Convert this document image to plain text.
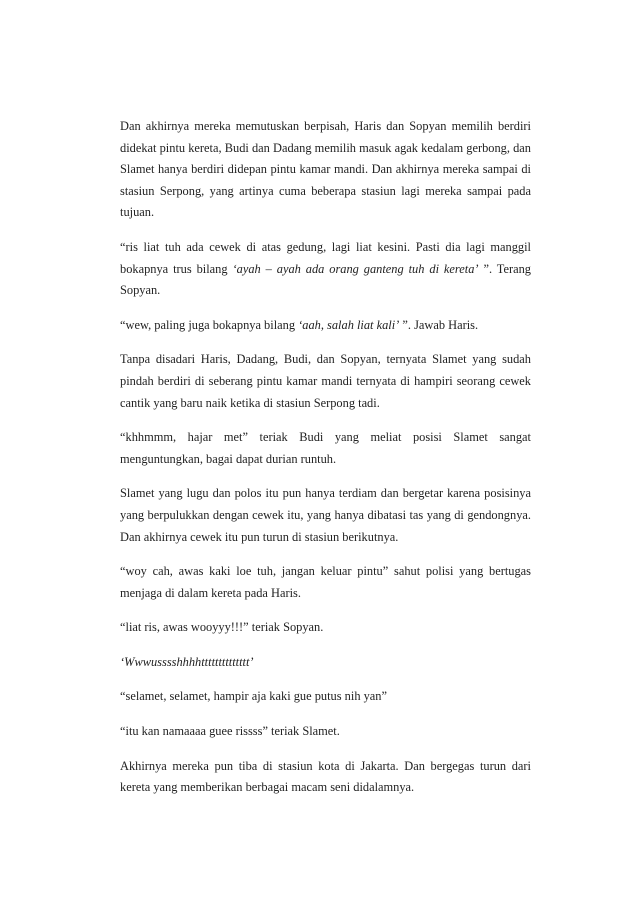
Dan akhirnya mereka memutuskan berpisah, Haris dan Sopyan memilih berdiri didekat pintu kereta, Budi dan Dadang memilih masuk agak kedalam gerbong, dan Slamet hanya berdiri didepan pintu kamar mandi. Dan akhirnya mereka sampai di stasiun Serpong, yang artinya cuma beberapa stasiun lagi mereka sampai pada tujuan.

“ris liat tuh ada cewek di atas gedung, lagi liat kesini. Pasti dia lagi manggil bokapnya trus bilang ‘ayah – ayah ada orang ganteng tuh di kereta’ ”. Terang Sopyan.

“wew, paling juga bokapnya bilang ‘aah, salah liat kali’ ”. Jawab Haris.

Tanpa disadari Haris, Dadang, Budi, dan Sopyan, ternyata Slamet yang sudah pindah berdiri di seberang pintu kamar mandi ternyata di hampiri seorang cewek cantik yang baru naik ketika di stasiun Serpong tadi.

“khhmmm, hajar met” teriak Budi yang meliat posisi Slamet sangat menguntungkan, bagai dapat durian runtuh.

Slamet yang lugu dan polos itu pun hanya terdiam dan bergetar karena posisinya yang berpulukkan dengan cewek itu, yang hanya dibatasi tas yang di gendongnya. Dan akhirnya cewek itu pun turun di stasiun berikutnya.

“woy cah, awas kaki loe tuh, jangan keluar pintu” sahut polisi yang bertugas menjaga di dalam kereta pada Haris.

“liat ris, awas wooyyy!!!” teriak Sopyan.

‘Wwwusssshhhhtttttttttttttt’

“selamet, selamet, hampir aja kaki gue putus nih yan”

“itu kan namaaaa guee rissss” teriak Slamet.

Akhirnya mereka pun tiba di stasiun kota di Jakarta. Dan bergegas turun dari kereta yang memberikan berbagai macam seni didalamnya.
